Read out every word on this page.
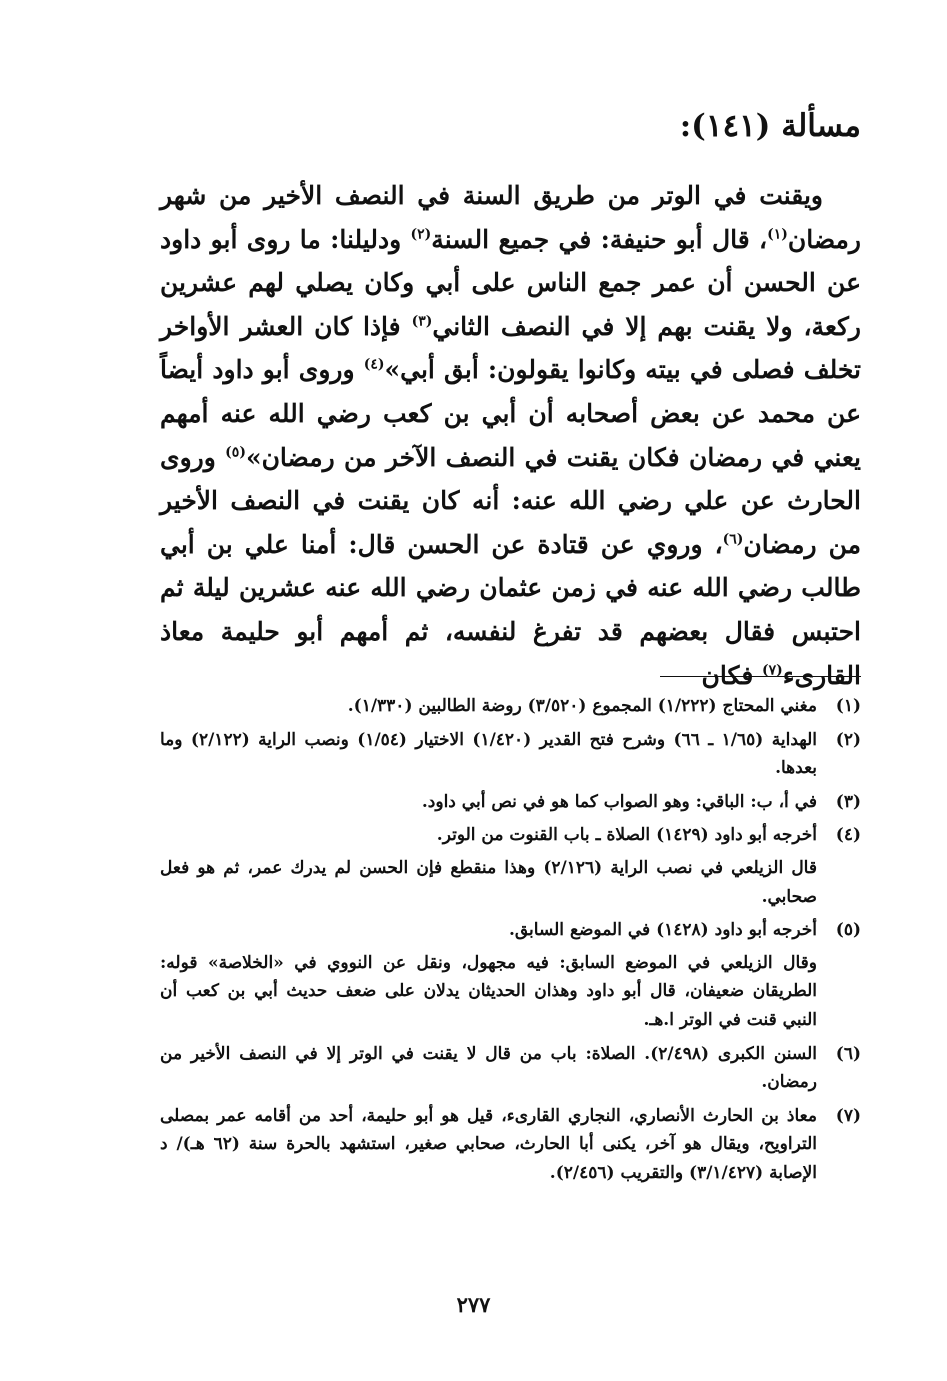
مسألة (١٤١):

ويقنت في الوتر من طريق السنة في النصف الأخير من شهر رمضان$^{(١)}$، قال أبو حنيفة: في جميع السنة$^{(٢)}$ ودليلنا: ما روى أبو داود عن الحسن أن عمر جمع الناس على أبي وكان يصلي لهم عشرين ركعة، ولا يقنت بهم إلا في النصف الثاني$^{(٣)}$ فإذا كان العشر الأواخر تخلف فصلى في بيته وكانوا يقولون: أبق أبي»$^{(٤)}$ وروى أبو داود أيضاً عن محمد عن بعض أصحابه أن أبي بن كعب رضي الله عنه أمهم يعني في رمضان فكان يقنت في النصف الآخر من رمضان»$^{(٥)}$ وروى الحارث عن علي رضي الله عنه: أنه كان يقنت في النصف الأخير من رمضان$^{(٦)}$، وروي عن قتادة عن الحسن قال: أمنا علي بن أبي طالب رضي الله عنه في زمن عثمان رضي الله عنه عشرين ليلة ثم احتبس فقال بعضهم قد تفرغ لنفسه، ثم أمهم أبو حليمة معاذ القارىء$^{(٧)}$ فكان

(١)
مغني المحتاج (١/٢٢٢) المجموع (٣/٥٢٠) روضة الطالبين (١/٣٣٠).
(٢)
الهداية (١/٦٥ ـ ٦٦) وشرح فتح القدير (١/٤٢٠) الاختيار (١/٥٤) ونصب الراية (٢/١٢٢) وما بعدها.
(٣)
في أ، ب: الباقي: وهو الصواب كما هو في نص أبي داود.
(٤)
أخرجه أبو داود (١٤٢٩) الصلاة ـ باب القنوت من الوتر.
قال الزيلعي في نصب الراية (٢/١٢٦) وهذا منقطع فإن الحسن لم يدرك عمر، ثم هو فعل صحابي.
(٥)
أخرجه أبو داود (١٤٢٨) في الموضع السابق.
وقال الزيلعي في الموضع السابق: فيه مجهول، ونقل عن النووي في «الخلاصة» قوله: الطريقان ضعيفان، قال أبو داود وهذان الحديثان يدلان على ضعف حديث أبي بن كعب أن النبي قنت في الوتر ا.هـ.
(٦)
السنن الكبرى (٢/٤٩٨). الصلاة: باب من قال لا يقنت في الوتر إلا في النصف الأخير من رمضان.
(٧)
معاذ بن الحارث الأنصاري، النجاري القارىء، قيل هو أبو حليمة، أحد من أقامه عمر بمصلى التراويح، ويقال هو آخر، يكنى أبا الحارث، صحابي صغير، استشهد بالحرة سنة (٦٢ هـ)/ د الإصابة (٣/١/٤٢٧) والتقريب (٢/٤٥٦).
٢٧٧
